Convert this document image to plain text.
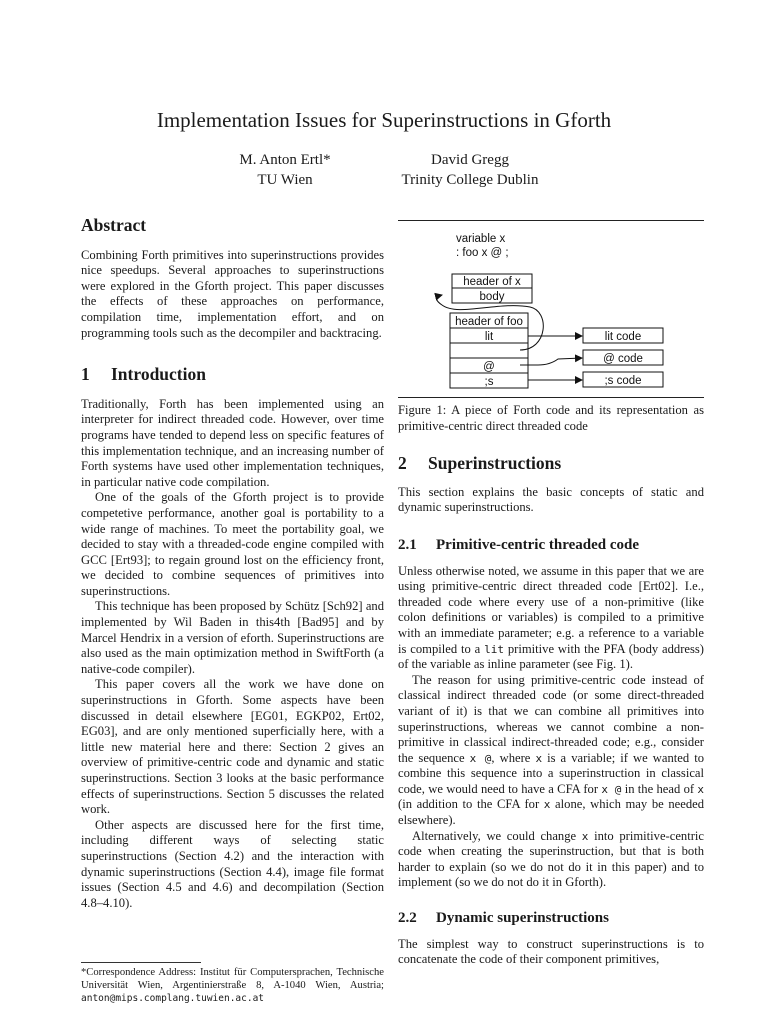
Implementation Issues for Superinstructions in Gforth
M. Anton Ertl*
TU Wien
David Gregg
Trinity College Dublin
Abstract

Combining Forth primitives into superinstructions provides nice speedups. Several approaches to superinstructions were explored in the Gforth project. This paper discusses the effects of these approaches on performance, compilation time, implementation effort, and on programming tools such as the decompiler and backtracing.

1 Introduction

Traditionally, Forth has been implemented using an interpreter for indirect threaded code. However, over time programs have tended to depend less on specific features of this implementation technique, and an increasing number of Forth systems have used other implementation techniques, in particular native code compilation.

One of the goals of the Gforth project is to provide competetive performance, another goal is portability to a wide range of machines. To meet the portability goal, we decided to stay with a threaded-code engine compiled with GCC [Ert93]; to regain ground lost on the efficiency front, we decided to combine sequences of primitives into superinstructions.

This technique has been proposed by Schütz [Sch92] and implemented by Wil Baden in this4th [Bad95] and by Marcel Hendrix in a version of eforth. Superinstructions are also used as the main optimization method in SwiftForth (a native-code compiler).

This paper covers all the work we have done on superinstructions in Gforth. Some aspects have been discussed in detail elsewhere [EG01, EGKP02, Ert02, EG03], and are only mentioned superficially here, with a little new material here and there: Section 2 gives an overview of primitive-centric code and dynamic and static superinstructions. Section 3 looks at the basic performance effects of superinstructions. Section 5 discusses the related work.

Other aspects are discussed here for the first time, including different ways of selecting static superinstructions (Section 4.2) and the interaction with dynamic superinstructions (Section 4.4), image file format issues (Section 4.5 and 4.6) and decompilation (Section 4.8–4.10).

*Correspondence Address: Institut für Computersprachen, Technische Universität Wien, Argentinierstraße 8, A-1040 Wien, Austria; anton@mips.complang.tuwien.ac.at
variable x
: foo x @ ;
header of x
body
header of foo
lit
@
;s
lit code
@ code
;s code

Figure 1: A piece of Forth code and its representation as primitive-centric direct threaded code

2 Superinstructions

This section explains the basic concepts of static and dynamic superinstructions.

2.1 Primitive-centric threaded code

Unless otherwise noted, we assume in this paper that we are using primitive-centric direct threaded code [Ert02]. I.e., threaded code where every use of a non-primitive (like colon definitions or variables) is compiled to a primitive with an immediate parameter; e.g. a reference to a variable is compiled to a lit primitive with the PFA (body address) of the variable as inline parameter (see Fig. 1).

The reason for using primitive-centric code instead of classical indirect threaded code (or some direct-threaded variant of it) is that we can combine all primitives into superinstructions, whereas we cannot combine a non-primitive in classical indirect-threaded code; e.g., consider the sequence x @, where x is a variable; if we wanted to combine this sequence into a superinstruction in classical code, we would need to have a CFA for x @ in the head of x (in addition to the CFA for x alone, which may be needed elsewhere).

Alternatively, we could change x into primitive-centric code when creating the superinstruction, but that is both harder to explain (so we do not do it in this paper) and to implement (so we do not do it in Gforth).

2.2 Dynamic superinstructions

The simplest way to construct superinstructions is to concatenate the code of their component primitives,
